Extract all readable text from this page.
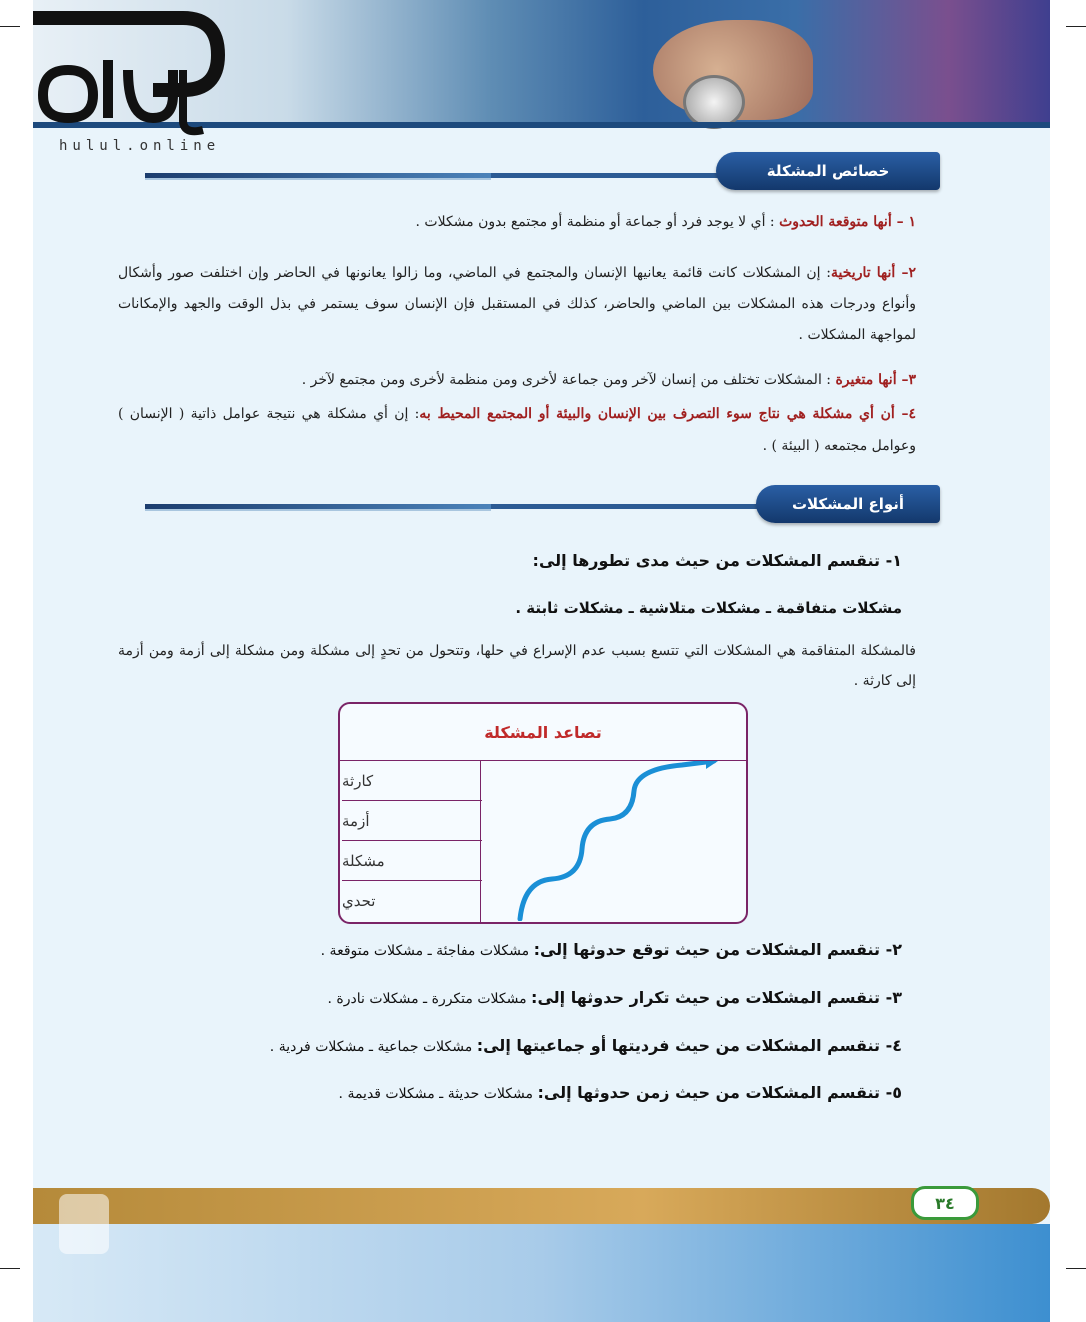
hulul.online
خصائص المشكلة
١ – أنها متوقعة الحدوث : أي لا يوجد فرد أو جماعة أو منظمة أو مجتمع بدون مشكلات .
٢– أنها تاريخية: إن المشكلات كانت قائمة يعانيها الإنسان والمجتمع في الماضي، وما زالوا يعانونها في الحاضر وإن اختلفت صور وأشكال وأنواع ودرجات هذه المشكلات بين الماضي والحاضر، كذلك في المستقبل فإن الإنسان سوف يستمر في بذل الوقت والجهد والإمكانات لمواجهة المشكلات .
٣– أنها متغيرة : المشكلات تختلف من إنسان لآخر ومن جماعة لأخرى ومن منظمة لأخرى ومن مجتمع لآخر .
٤– أن أي مشكلة هي نتاج سوء التصرف بين الإنسان والبيئة أو المجتمع المحيط به: إن أي مشكلة هي نتيجة عوامل ذاتية ( الإنسان ) وعوامل مجتمعه ( البيئة ) .
أنواع المشكلات
١- تنقسم المشكلات من حيث مدى تطورها إلى:
مشكلات متفاقمة ـ مشكلات متلاشية ـ مشكلات ثابتة .
فالمشكلة المتفاقمة هي المشكلات التي تتسع بسبب عدم الإسراع في حلها، وتتحول من تحدٍ إلى مشكلة ومن مشكلة إلى أزمة ومن أزمة إلى كارثة .
تصاعد المشكلة
كارثة
أزمة
مشكلة
تحدي
٢- تنقسم المشكلات من حيث توقع حدوثها إلى: مشكلات مفاجئة ـ مشكلات متوقعة .
٣- تنقسم المشكلات من حيث تكرار حدوثها إلى: مشكلات متكررة ـ مشكلات نادرة .
٤- تنقسم المشكلات من حيث فرديتها أو جماعيتها إلى: مشكلات جماعية ـ مشكلات فردية .
٥- تنقسم المشكلات من حيث زمن حدوثها إلى: مشكلات حديثة ـ مشكلات قديمة .
٣٤
